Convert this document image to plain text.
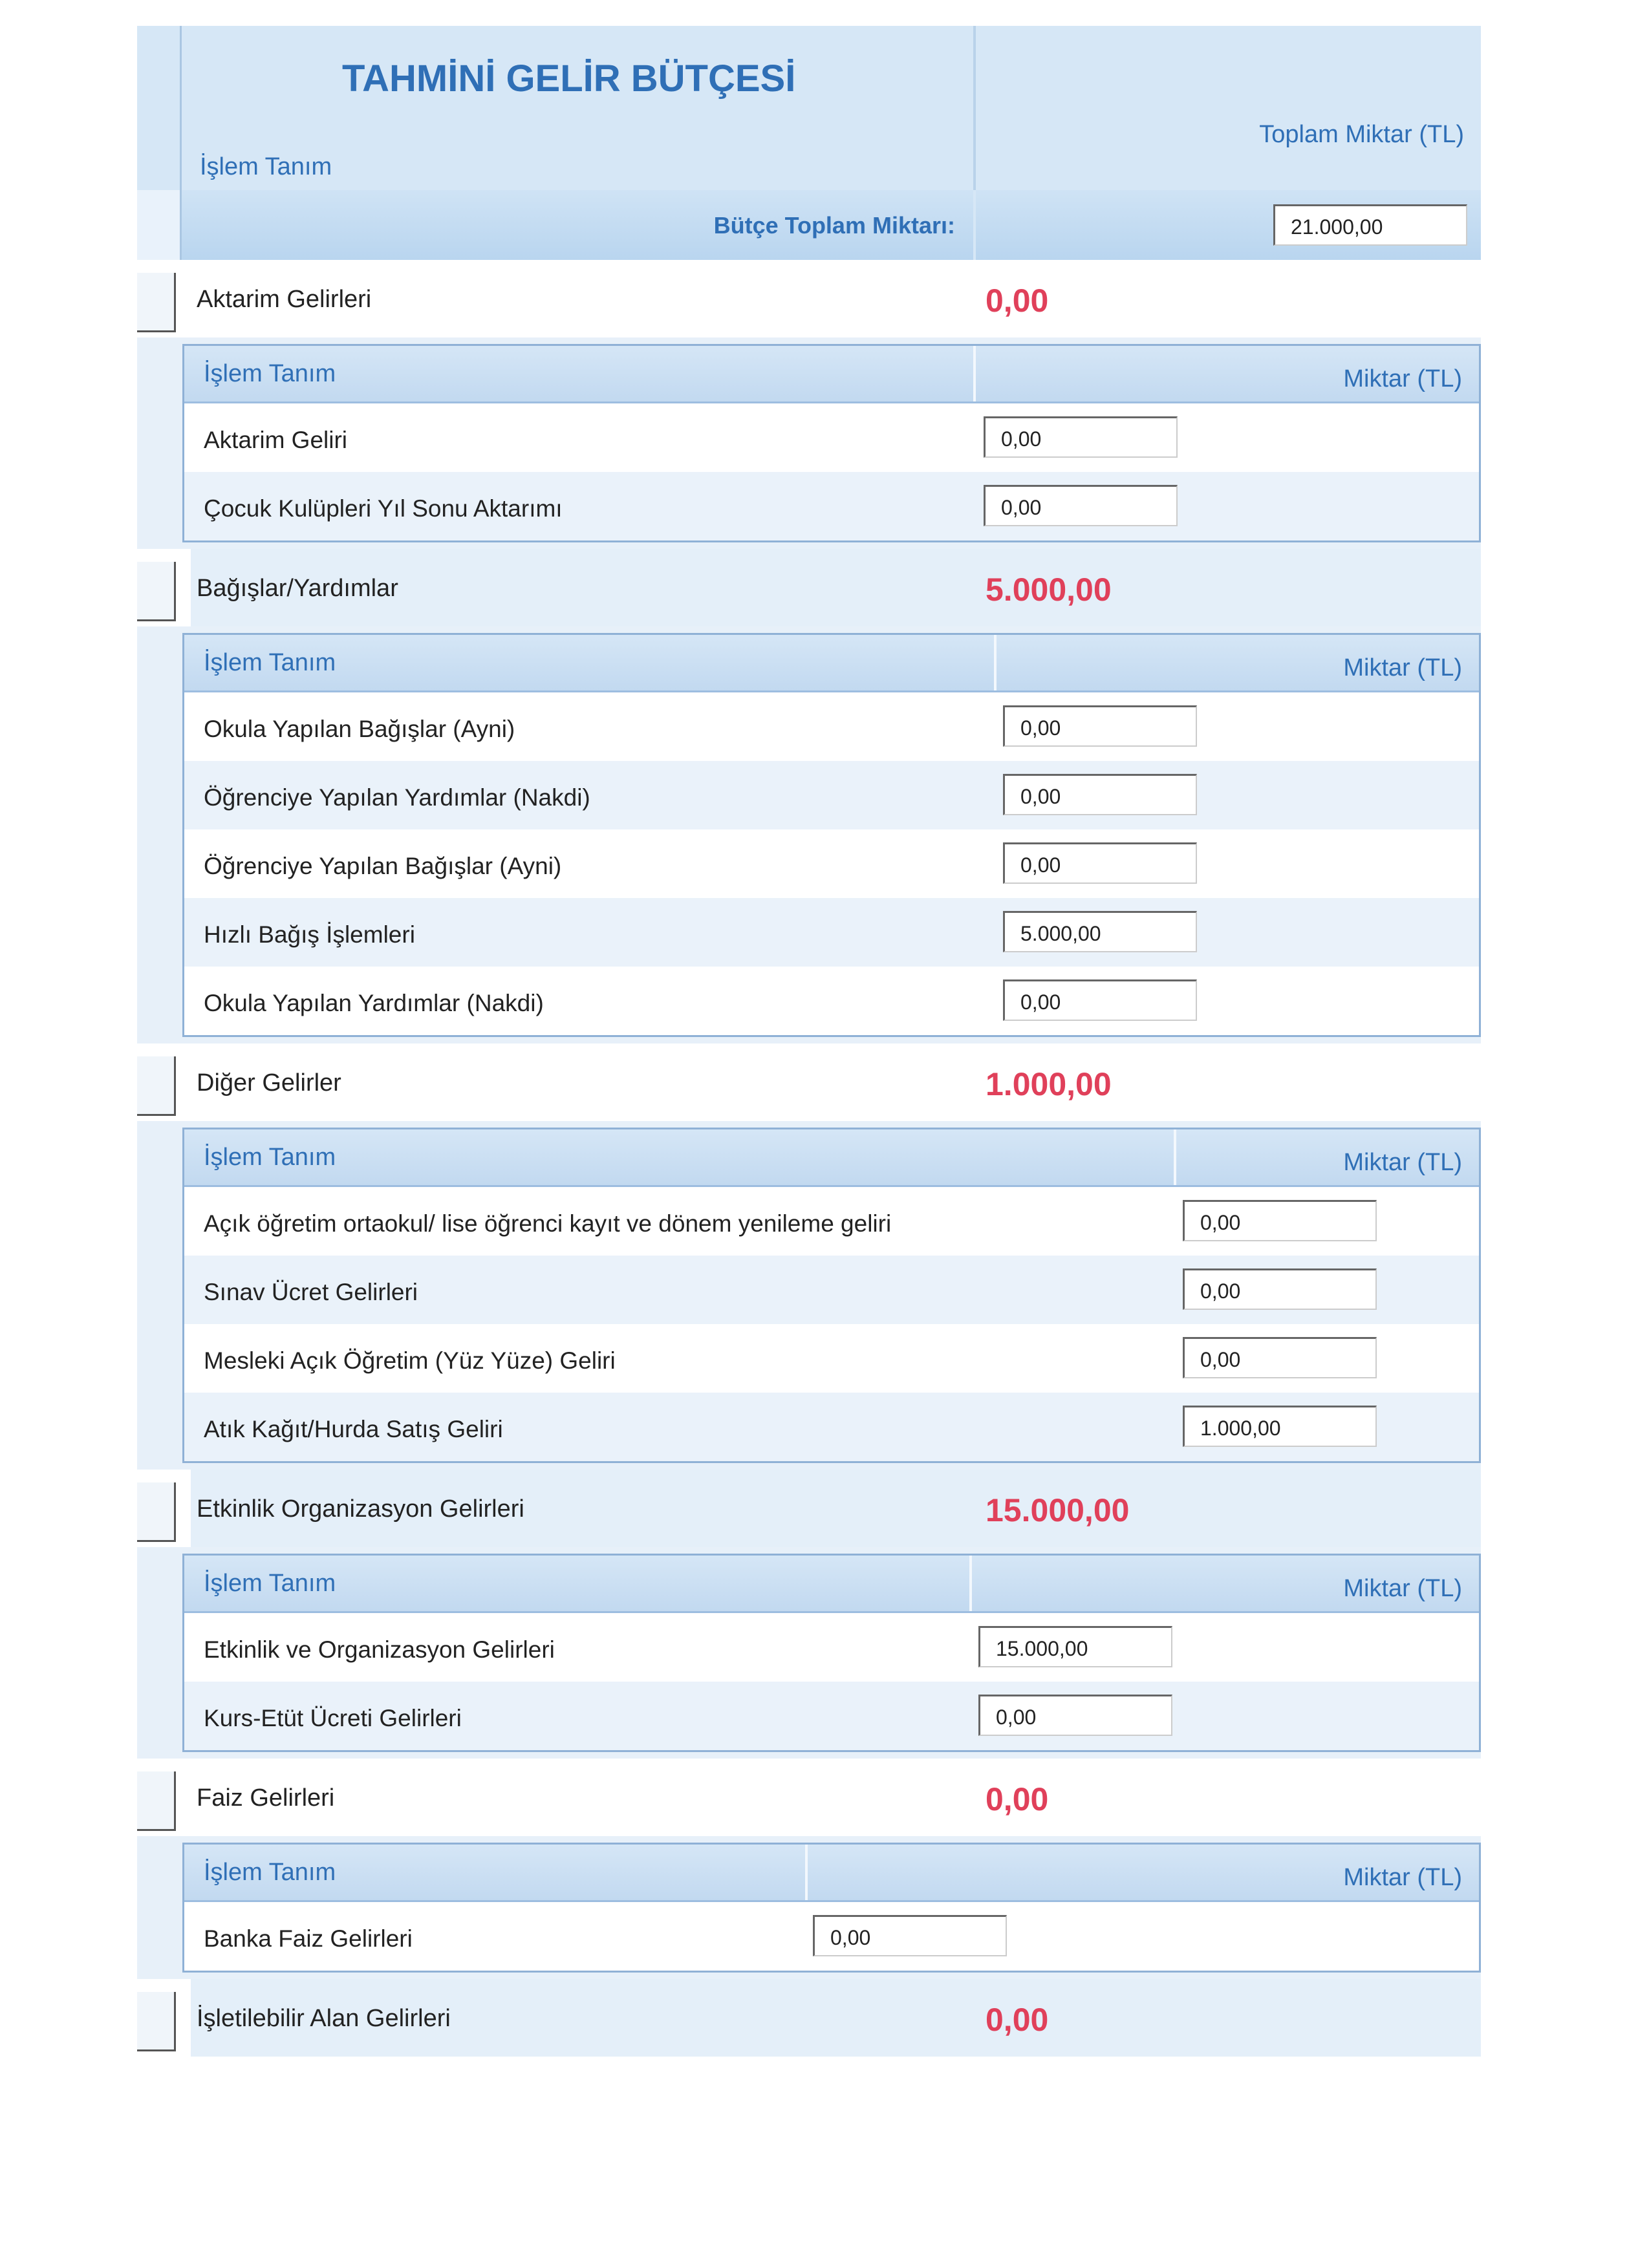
TAHMİNİ GELİR BÜTÇESİ
İşlem Tanım
Toplam Miktar (TL)
Bütçe Toplam Miktarı:	21.000,00
Aktarim Gelirleri	0,00
İşlem Tanım	Miktar (TL)
Aktarim Geliri	0,00
Çocuk Kulüpleri Yıl Sonu Aktarımı	0,00
Bağışlar/Yardımlar	5.000,00
İşlem Tanım	Miktar (TL)
Okula Yapılan Bağışlar (Ayni)	0,00
Öğrenciye Yapılan Yardımlar (Nakdi)	0,00
Öğrenciye Yapılan Bağışlar (Ayni)	0,00
Hızlı Bağış İşlemleri	5.000,00
Okula Yapılan Yardımlar (Nakdi)	0,00
Diğer Gelirler	1.000,00
İşlem Tanım	Miktar (TL)
Açık öğretim ortaokul/ lise öğrenci kayıt ve dönem yenileme geliri	0,00
Sınav Ücret Gelirleri	0,00
Mesleki Açık Öğretim (Yüz Yüze) Geliri	0,00
Atık Kağıt/Hurda Satış Geliri	1.000,00
Etkinlik Organizasyon Gelirleri	15.000,00
İşlem Tanım	Miktar (TL)
Etkinlik ve Organizasyon Gelirleri	15.000,00
Kurs-Etüt Ücreti Gelirleri	0,00
Faiz Gelirleri	0,00
İşlem Tanım	Miktar (TL)
Banka Faiz Gelirleri	0,00
İşletilebilir Alan Gelirleri	0,00
